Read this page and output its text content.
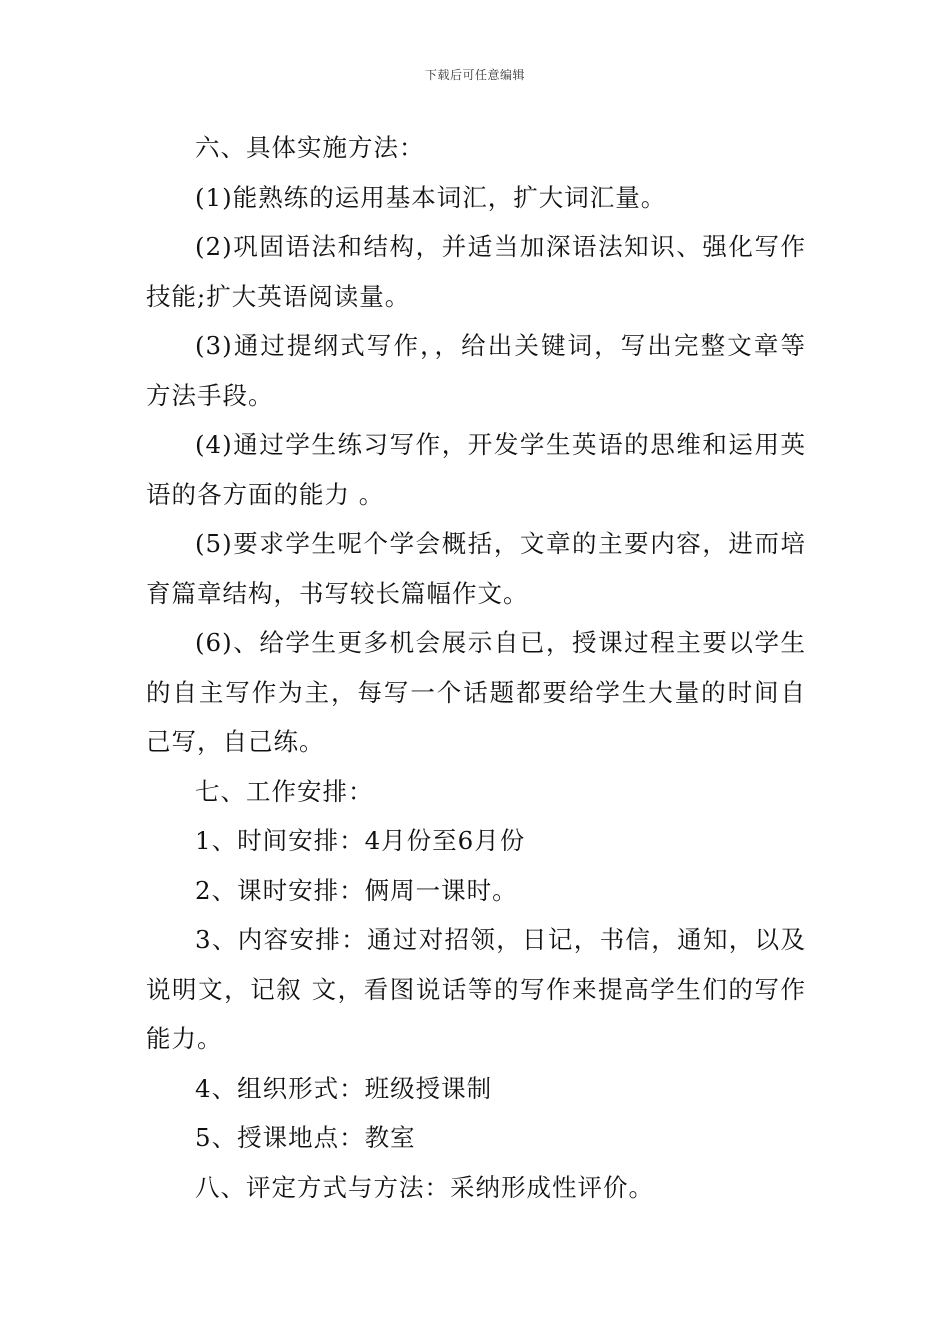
下载后可任意编辑

六、具体实施方法：

(1)能熟练的运用基本词汇，扩大词汇量。

(2)巩固语法和结构，并适当加深语法知识、强化写作技能;扩大英语阅读量。

(3)通过提纲式写作，，给出关键词，写出完整文章等方法手段。

(4)通过学生练习写作，开发学生英语的思维和运用英语的各方面的能力 。

(5)要求学生呢个学会概括，文章的主要内容，进而培育篇章结构，书写较长篇幅作文。

(6)、给学生更多机会展示自已，授课过程主要以学生的自主写作为主，每写一个话题都要给学生大量的时间自己写，自己练。

七、工作安排：

1、时间安排：4月份至6月份

2、课时安排：俩周一课时。

3、内容安排：通过对招领，日记，书信，通知，以及说明文，记叙 文，看图说话等的写作来提高学生们的写作能力。

4、组织形式：班级授课制

5、授课地点：教室

八、评定方式与方法：采纳形成性评价。
